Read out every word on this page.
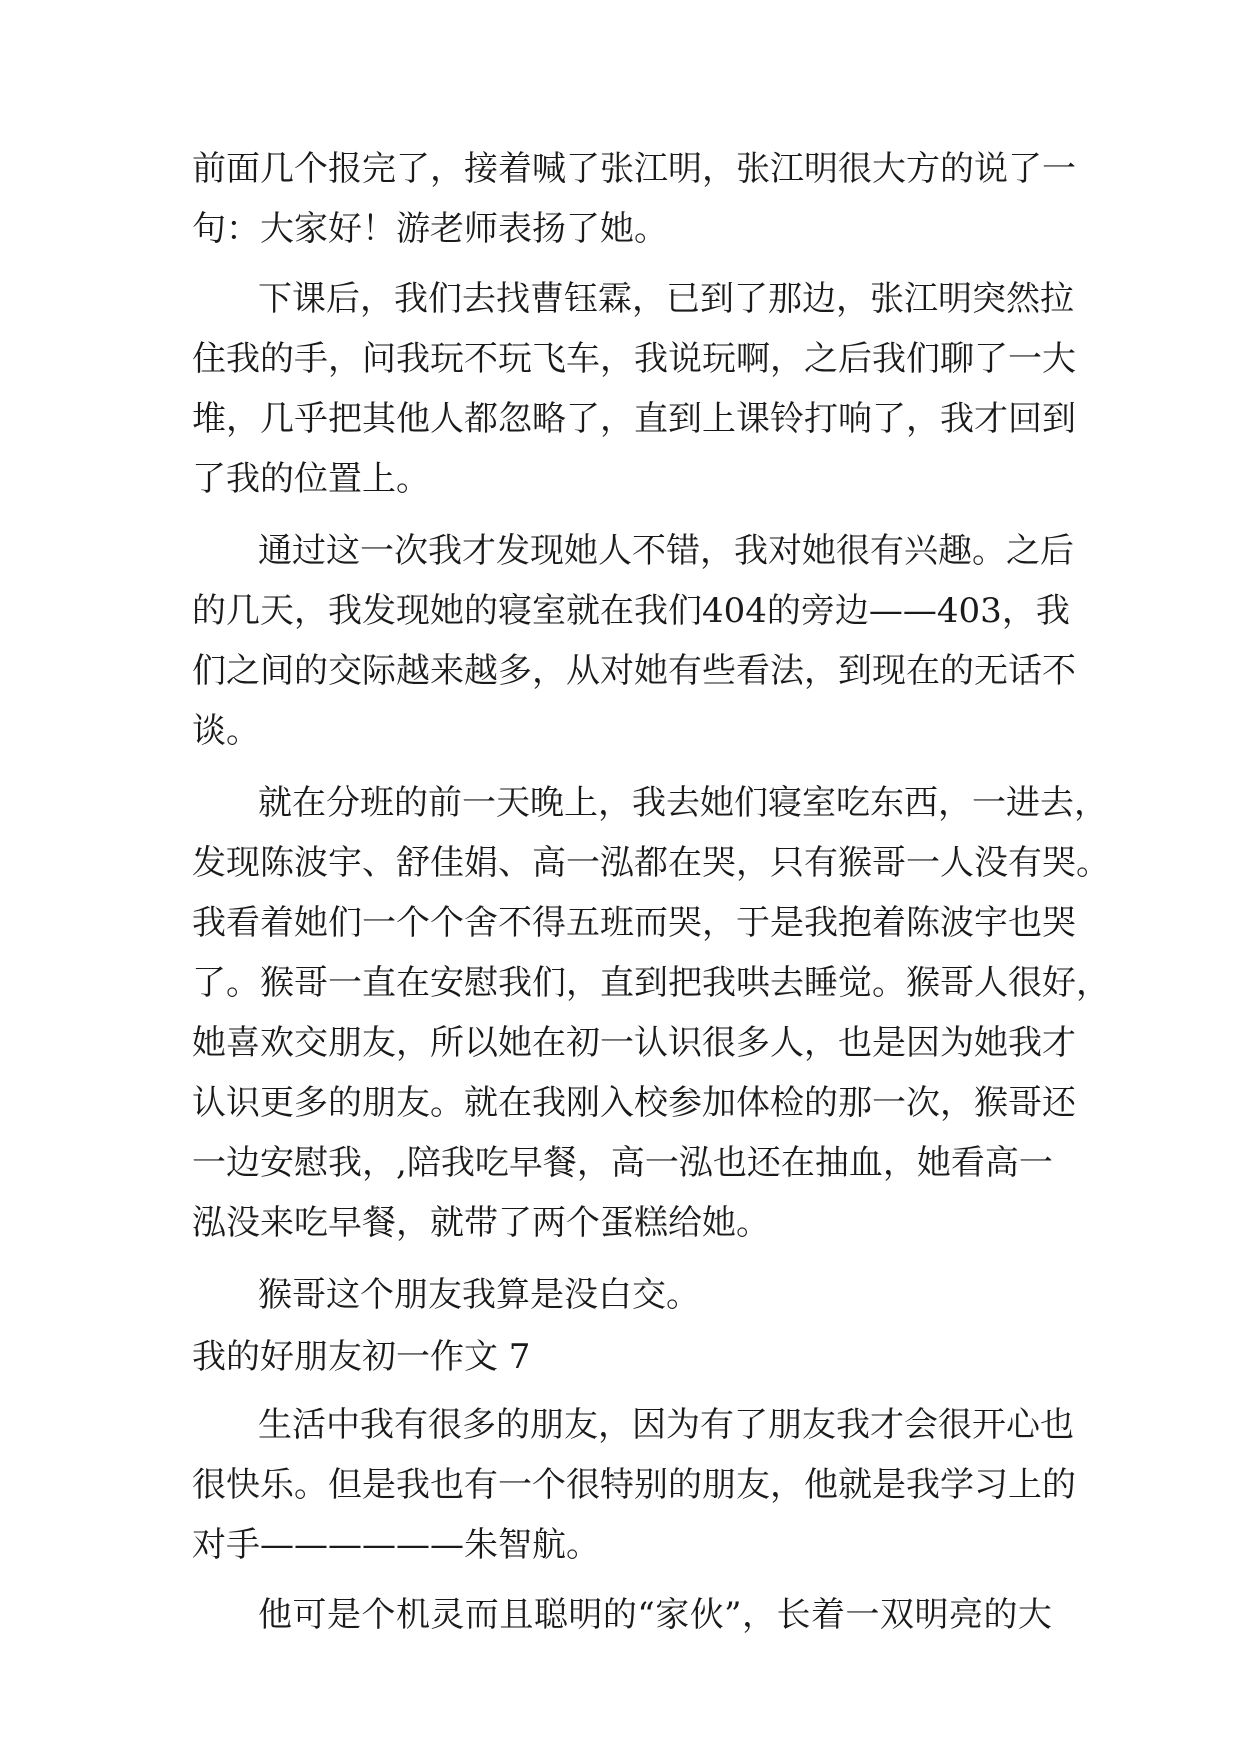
前 面 几 个 报 完 了 ， 接 着 喊 了 张 江 明 ， 张 江 明 很 大 方 的 说 了 一
句：大家好！游老师表扬了她。
下 课 后 ， 我 们 去 找 曹 钰 霖 ， 已 到 了 那 边 ， 张 江 明 突 然 拉
住 我 的 手 ， 问 我 玩 不 玩 飞 车 ， 我 说 玩 啊 ， 之 后 我 们 聊 了 一 大
堆 ， 几 乎 把 其 他 人 都 忽 略 了 ， 直 到 上 课 铃 打 响 了 ， 我 才 回 到
了我的位置上。
通 过 这 一 次 我 才 发 现 她 人 不 错 ， 我 对 她 很 有 兴 趣 。 之 后
的 几 天 ， 我 发 现 她 的 寝 室 就 在 我 们 404 的 旁 边 — — 403 ， 我
们 之 间 的 交 际 越 来 越 多 ， 从 对 她 有 些 看 法 ， 到 现 在 的 无 话 不
谈。
就 在 分 班 的 前 一 天 晚 上 ， 我 去 她 们 寝 室 吃 东 西 ， 一 进 去 ，
发 现 陈 波 宇 、 舒 佳 娟 、 高 一 泓 都 在 哭 ， 只 有 猴 哥 一 人 没 有 哭 。
我 看 着 她 们 一 个 个 舍 不 得 五 班 而 哭 ， 于 是 我 抱 着 陈 波 宇 也 哭
了 。 猴 哥 一 直 在 安 慰 我 们 ， 直 到 把 我 哄 去 睡 觉 。 猴 哥 人 很 好 ，
她 喜 欢 交 朋 友 ， 所 以 她 在 初 一 认 识 很 多 人 ， 也 是 因 为 她 我 才
认 识 更 多 的 朋 友 。 就 在 我 刚 入 校 参 加 体 检 的 那 一 次 ， 猴 哥 还
一 边 安 慰 我 ， , 陪 我 吃 早 餐 ， 高 一 泓 也 还 在 抽 血 ， 她 看 高 一
泓没来吃早餐，就带了两个蛋糕给她。
猴哥这个朋友我算是没白交。
我的好朋友初一作文 7
生 活 中 我 有 很 多 的 朋 友 ， 因 为 有 了 朋 友 我 才 会 很 开 心 也
很 快 乐 。 但 是 我 也 有 一 个 很 特 别 的 朋 友 ， 他 就 是 我 学 习 上 的
对手——————朱智航。
他 可 是 个 机 灵 而 且 聪 明 的 “ 家 伙 ” ， 长 着 一 双 明 亮 的 大
